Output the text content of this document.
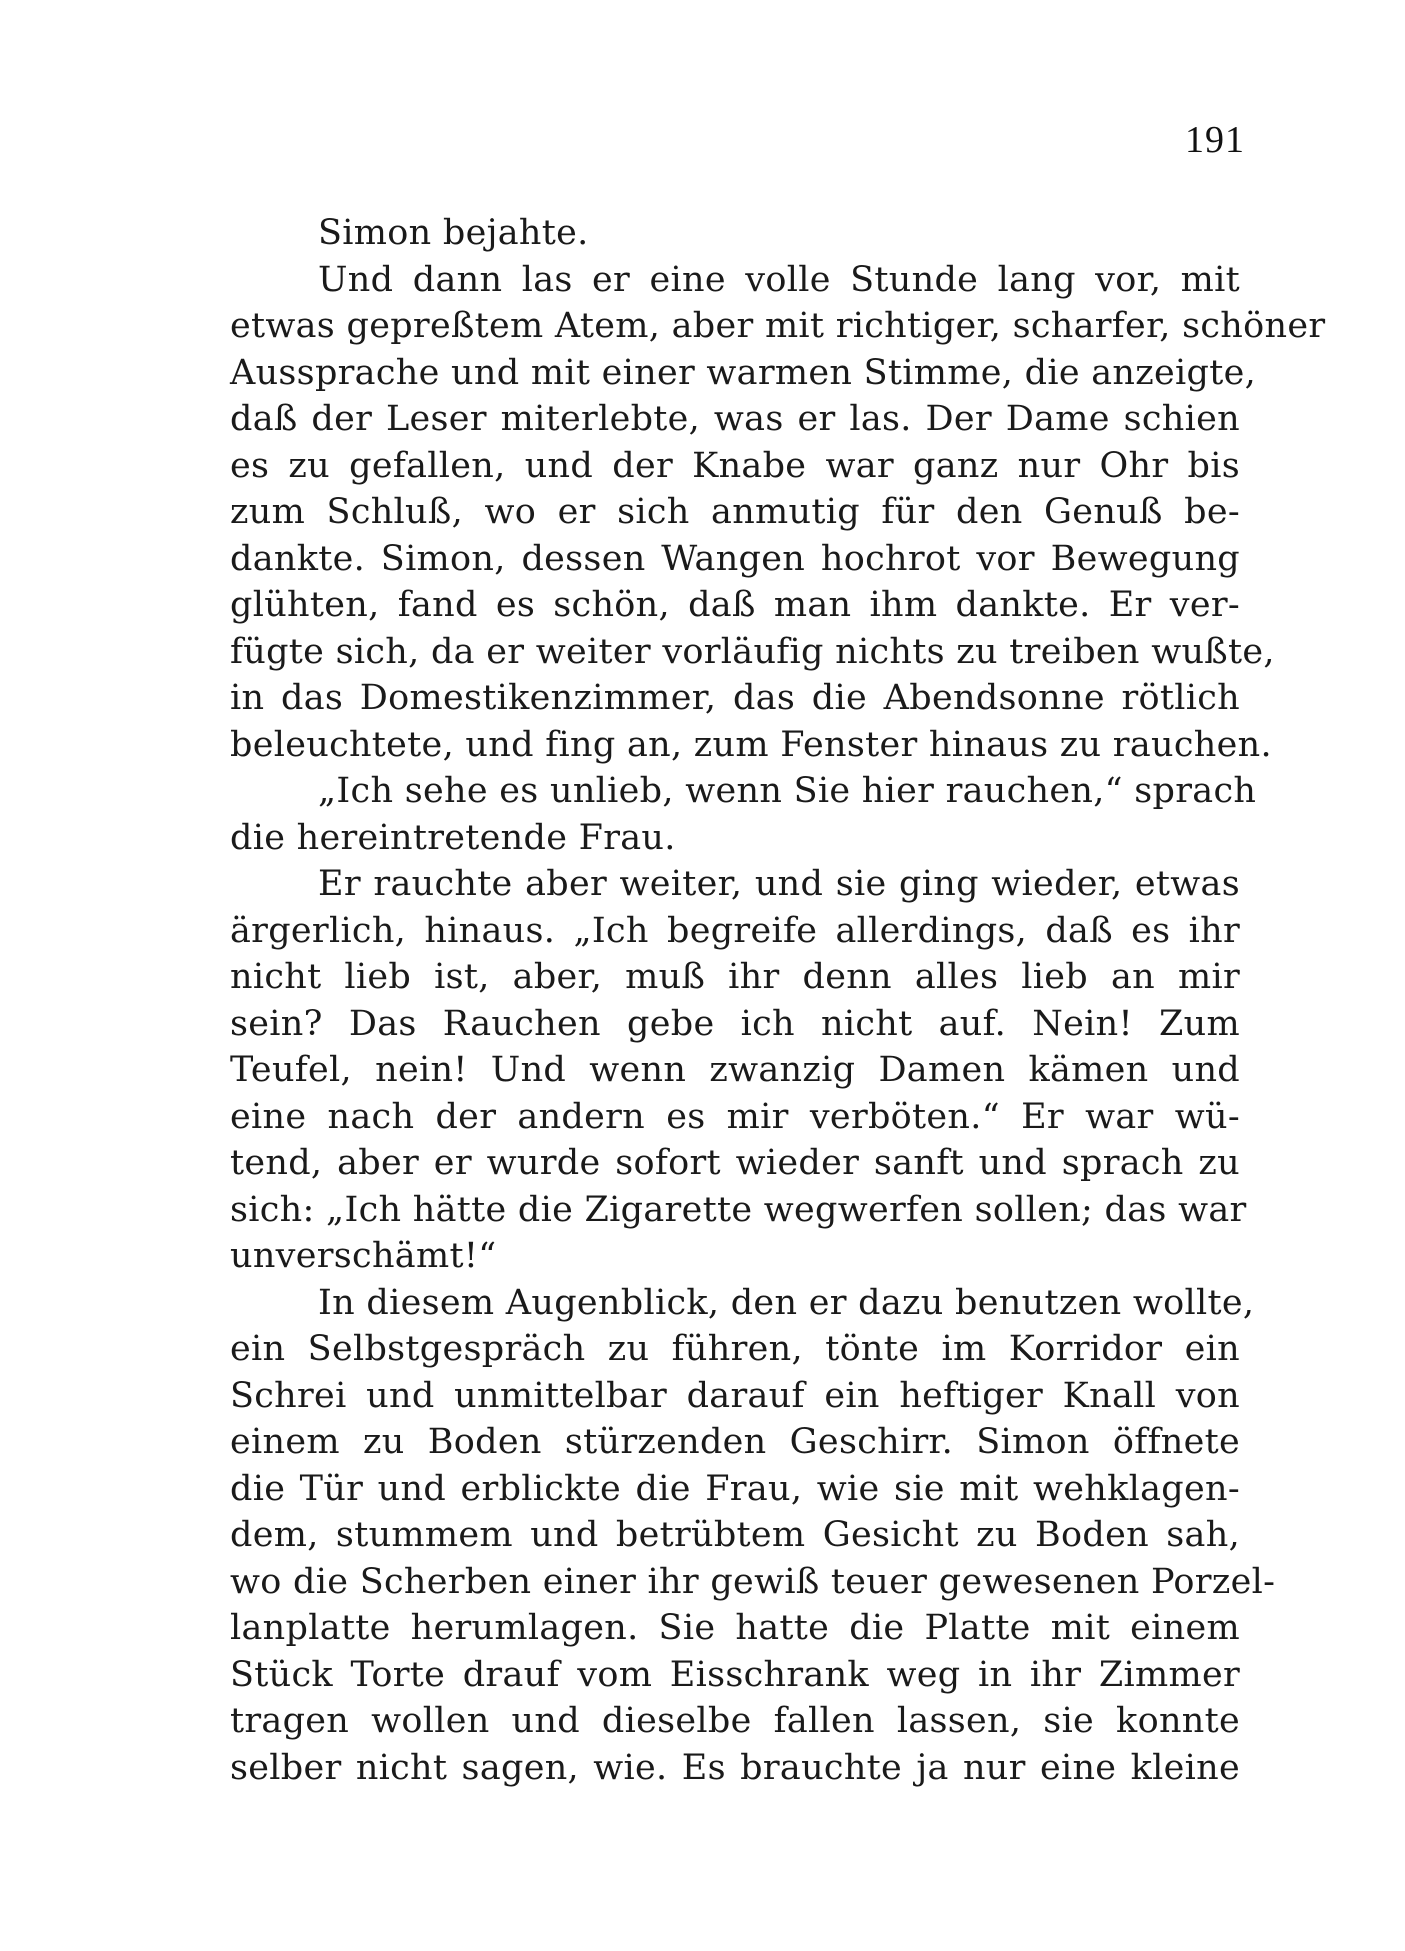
191
Simon bejahte.
Und dann las er eine volle Stunde lang vor, mit
etwas gepreßtem Atem, aber mit richtiger, scharfer, schöner
Aussprache und mit einer warmen Stimme, die anzeigte,
daß der Leser miterlebte, was er las. Der Dame schien
es zu gefallen, und der Knabe war ganz nur Ohr bis
zum Schluß, wo er sich anmutig für den Genuß be-
dankte. Simon, dessen Wangen hochrot vor Bewegung
glühten, fand es schön, daß man ihm dankte. Er ver-
fügte sich, da er weiter vorläufig nichts zu treiben wußte,
in das Domestikenzimmer, das die Abendsonne rötlich
beleuchtete, und fing an, zum Fenster hinaus zu rauchen.
„Ich sehe es unlieb, wenn Sie hier rauchen,“ sprach
die hereintretende Frau.
Er rauchte aber weiter, und sie ging wieder, etwas
ärgerlich, hinaus. „Ich begreife allerdings, daß es ihr
nicht lieb ist, aber, muß ihr denn alles lieb an mir
sein? Das Rauchen gebe ich nicht auf. Nein! Zum
Teufel, nein! Und wenn zwanzig Damen kämen und
eine nach der andern es mir verböten.“ Er war wü-
tend, aber er wurde sofort wieder sanft und sprach zu
sich: „Ich hätte die Zigarette wegwerfen sollen; das war
unverschämt!“
In diesem Augenblick, den er dazu benutzen wollte,
ein Selbstgespräch zu führen, tönte im Korridor ein
Schrei und unmittelbar darauf ein heftiger Knall von
einem zu Boden stürzenden Geschirr. Simon öffnete
die Tür und erblickte die Frau, wie sie mit wehklagen-
dem, stummem und betrübtem Gesicht zu Boden sah,
wo die Scherben einer ihr gewiß teuer gewesenen Porzel-
lanplatte herumlagen. Sie hatte die Platte mit einem
Stück Torte drauf vom Eisschrank weg in ihr Zimmer
tragen wollen und dieselbe fallen lassen, sie konnte
selber nicht sagen, wie. Es brauchte ja nur eine kleine
